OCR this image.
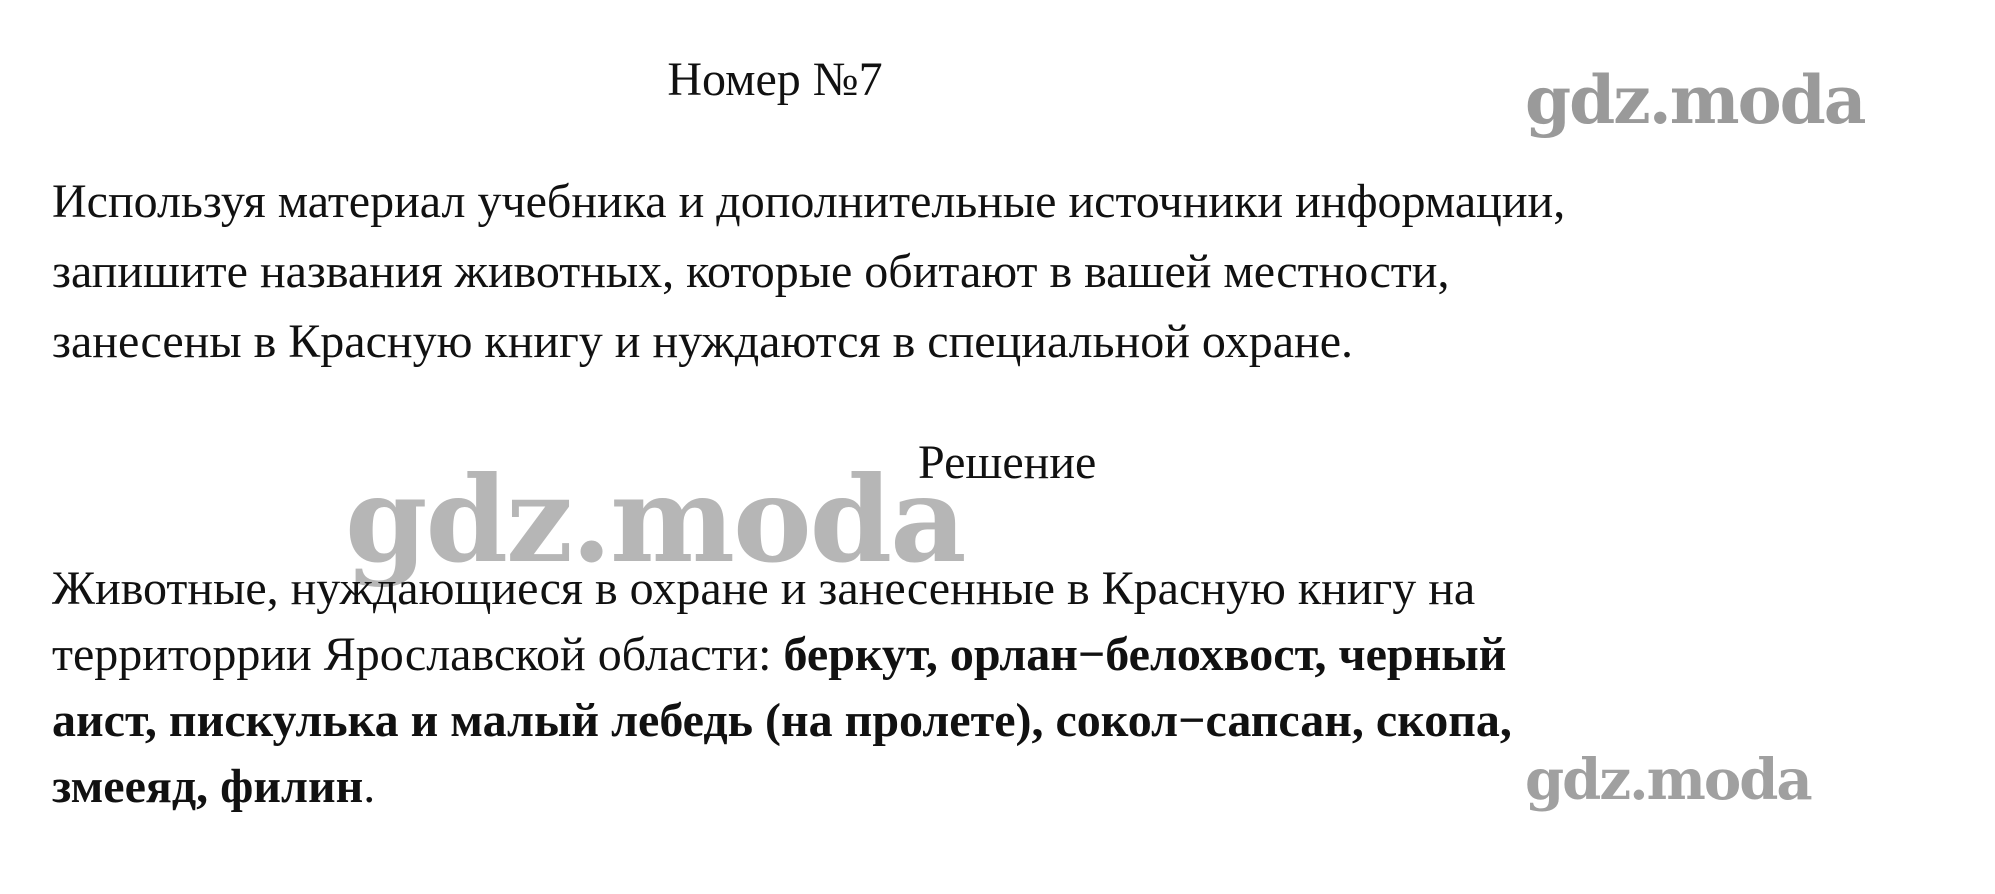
Номер №7	gdz.moda
Используя материал учебника и дополнительные источники информации,
запишите названия животных, которые обитают в вашей местности,
занесены в Красную книгу и нуждаются в специальной охране.
Решение
gdz.moda
Животные, нуждающиеся в охране и занесенные в Красную книгу на
территоррии Ярославской области: беркут, орлан−белохвост, черный
аист, пискулька и малый лебедь (на пролете), сокол−сапсан, скопа,
змееяд, филин.	gdz.moda
